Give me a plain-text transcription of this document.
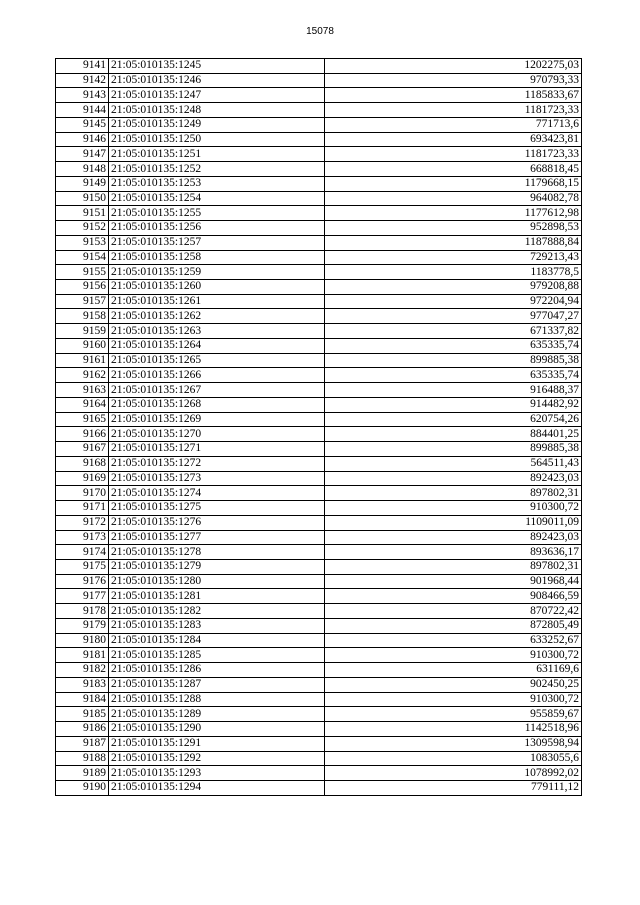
15078
9141	21:05:010135:1245	1202275,03
9142	21:05:010135:1246	970793,33
9143	21:05:010135:1247	1185833,67
9144	21:05:010135:1248	1181723,33
9145	21:05:010135:1249	771713,6
9146	21:05:010135:1250	693423,81
9147	21:05:010135:1251	1181723,33
9148	21:05:010135:1252	668818,45
9149	21:05:010135:1253	1179668,15
9150	21:05:010135:1254	964082,78
9151	21:05:010135:1255	1177612,98
9152	21:05:010135:1256	952898,53
9153	21:05:010135:1257	1187888,84
9154	21:05:010135:1258	729213,43
9155	21:05:010135:1259	1183778,5
9156	21:05:010135:1260	979208,88
9157	21:05:010135:1261	972204,94
9158	21:05:010135:1262	977047,27
9159	21:05:010135:1263	671337,82
9160	21:05:010135:1264	635335,74
9161	21:05:010135:1265	899885,38
9162	21:05:010135:1266	635335,74
9163	21:05:010135:1267	916488,37
9164	21:05:010135:1268	914482,92
9165	21:05:010135:1269	620754,26
9166	21:05:010135:1270	884401,25
9167	21:05:010135:1271	899885,38
9168	21:05:010135:1272	564511,43
9169	21:05:010135:1273	892423,03
9170	21:05:010135:1274	897802,31
9171	21:05:010135:1275	910300,72
9172	21:05:010135:1276	1109011,09
9173	21:05:010135:1277	892423,03
9174	21:05:010135:1278	893636,17
9175	21:05:010135:1279	897802,31
9176	21:05:010135:1280	901968,44
9177	21:05:010135:1281	908466,59
9178	21:05:010135:1282	870722,42
9179	21:05:010135:1283	872805,49
9180	21:05:010135:1284	633252,67
9181	21:05:010135:1285	910300,72
9182	21:05:010135:1286	631169,6
9183	21:05:010135:1287	902450,25
9184	21:05:010135:1288	910300,72
9185	21:05:010135:1289	955859,67
9186	21:05:010135:1290	1142518,96
9187	21:05:010135:1291	1309598,94
9188	21:05:010135:1292	1083055,6
9189	21:05:010135:1293	1078992,02
9190	21:05:010135:1294	779111,12
